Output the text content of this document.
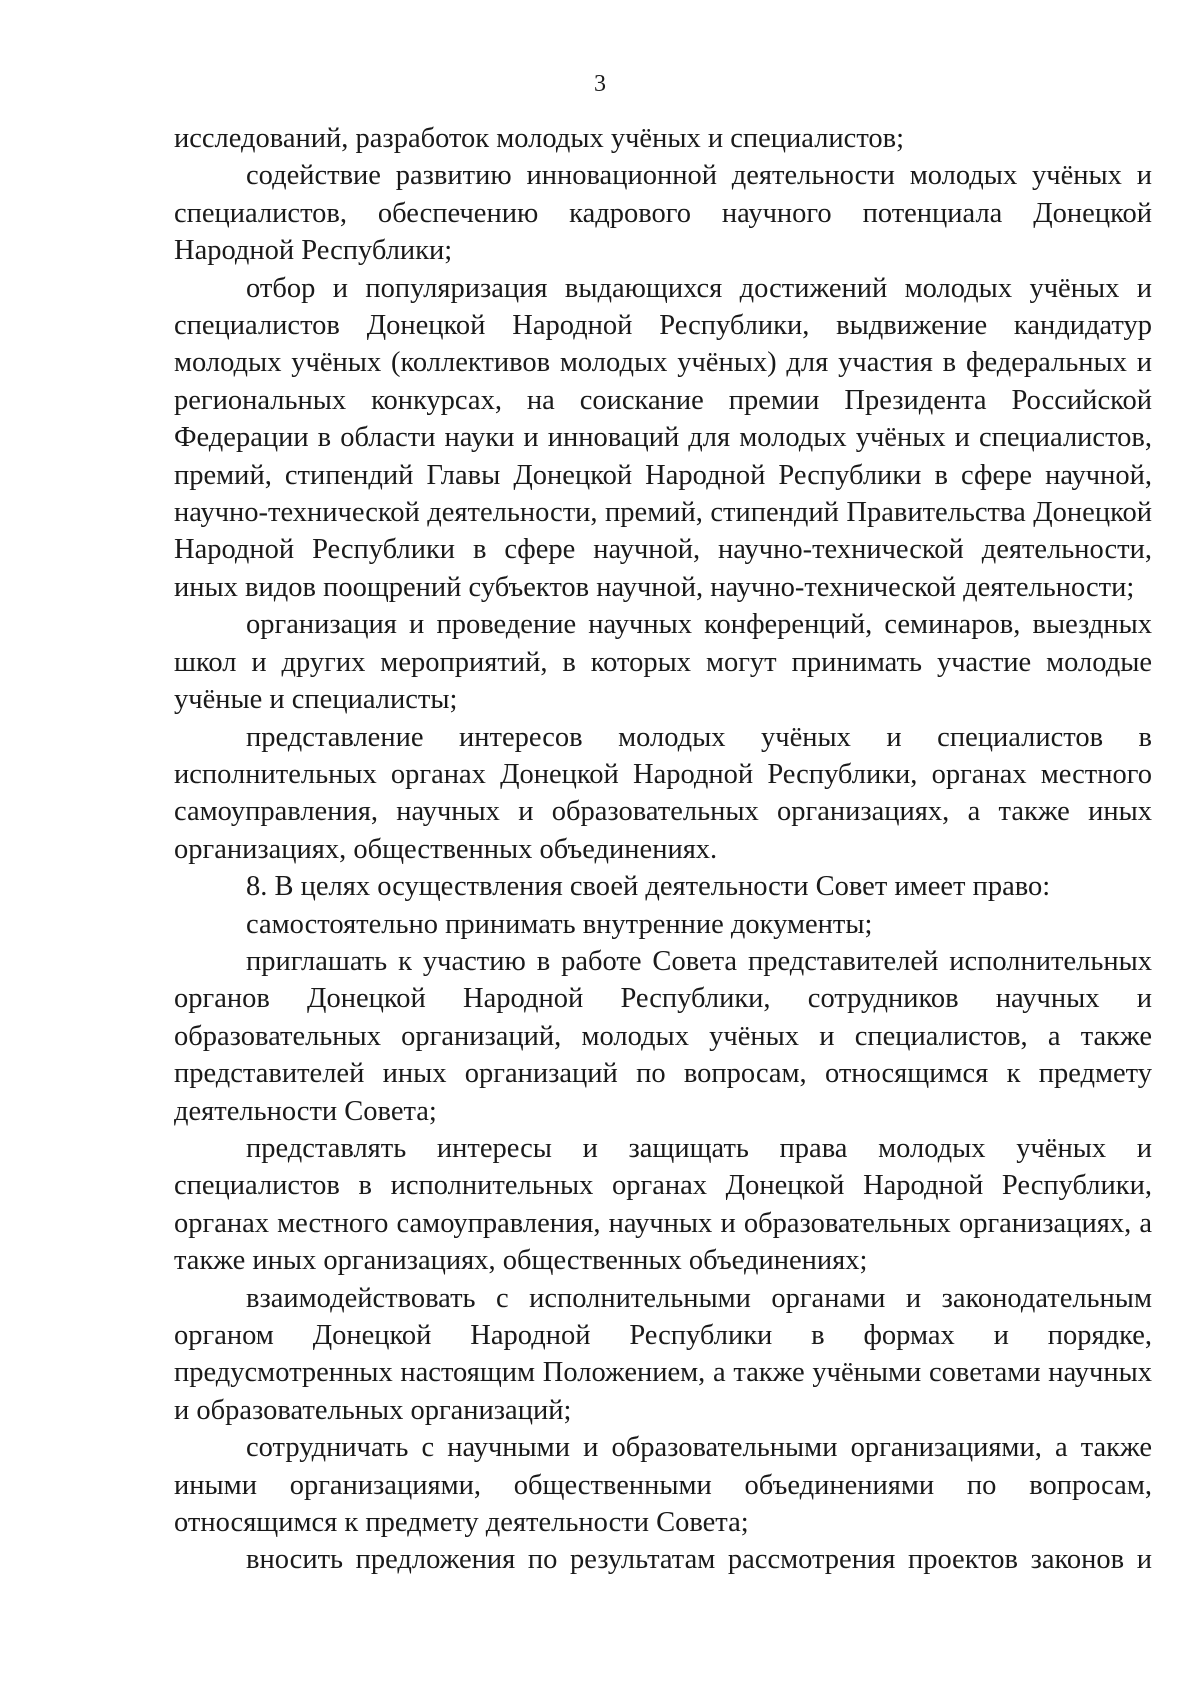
3

исследований, разработок молодых учёных и специалистов;

содействие развитию инновационной деятельности молодых учёных и специалистов, обеспечению кадрового научного потенциала Донецкой Народной Республики;

отбор и популяризация выдающихся достижений молодых учёных и специалистов Донецкой Народной Республики, выдвижение кандидатур молодых учёных (коллективов молодых учёных) для участия в федеральных и региональных конкурсах, на соискание премии Президента Российской Федерации в области науки и инноваций для молодых учёных и специалистов, премий, стипендий Главы Донецкой Народной Республики в сфере научной, научно-технической деятельности, премий, стипендий Правительства Донецкой Народной Республики в сфере научной, научно-технической деятельности, иных видов поощрений субъектов научной, научно-технической деятельности;

организация и проведение научных конференций, семинаров, выездных школ и других мероприятий, в которых могут принимать участие молодые учёные и специалисты;

представление интересов молодых учёных и специалистов в исполнительных органах Донецкой Народной Республики, органах местного самоуправления, научных и образовательных организациях, а также иных организациях, общественных объединениях.

8. В целях осуществления своей деятельности Совет имеет право:

самостоятельно принимать внутренние документы;

приглашать к участию в работе Совета представителей исполнительных органов Донецкой Народной Республики, сотрудников научных и образовательных организаций, молодых учёных и специалистов, а также представителей иных организаций по вопросам, относящимся к предмету деятельности Совета;

представлять интересы и защищать права молодых учёных и специалистов в исполнительных органах Донецкой Народной Республики, органах местного самоуправления, научных и образовательных организациях, а также иных организациях, общественных объединениях;

взаимодействовать с исполнительными органами и законодательным органом Донецкой Народной Республики в формах и порядке, предусмотренных настоящим Положением, а также учёными советами научных и образовательных организаций;

сотрудничать с научными и образовательными организациями, а также иными организациями, общественными объединениями по вопросам, относящимся к предмету деятельности Совета;

вносить предложения по результатам рассмотрения проектов законов и
